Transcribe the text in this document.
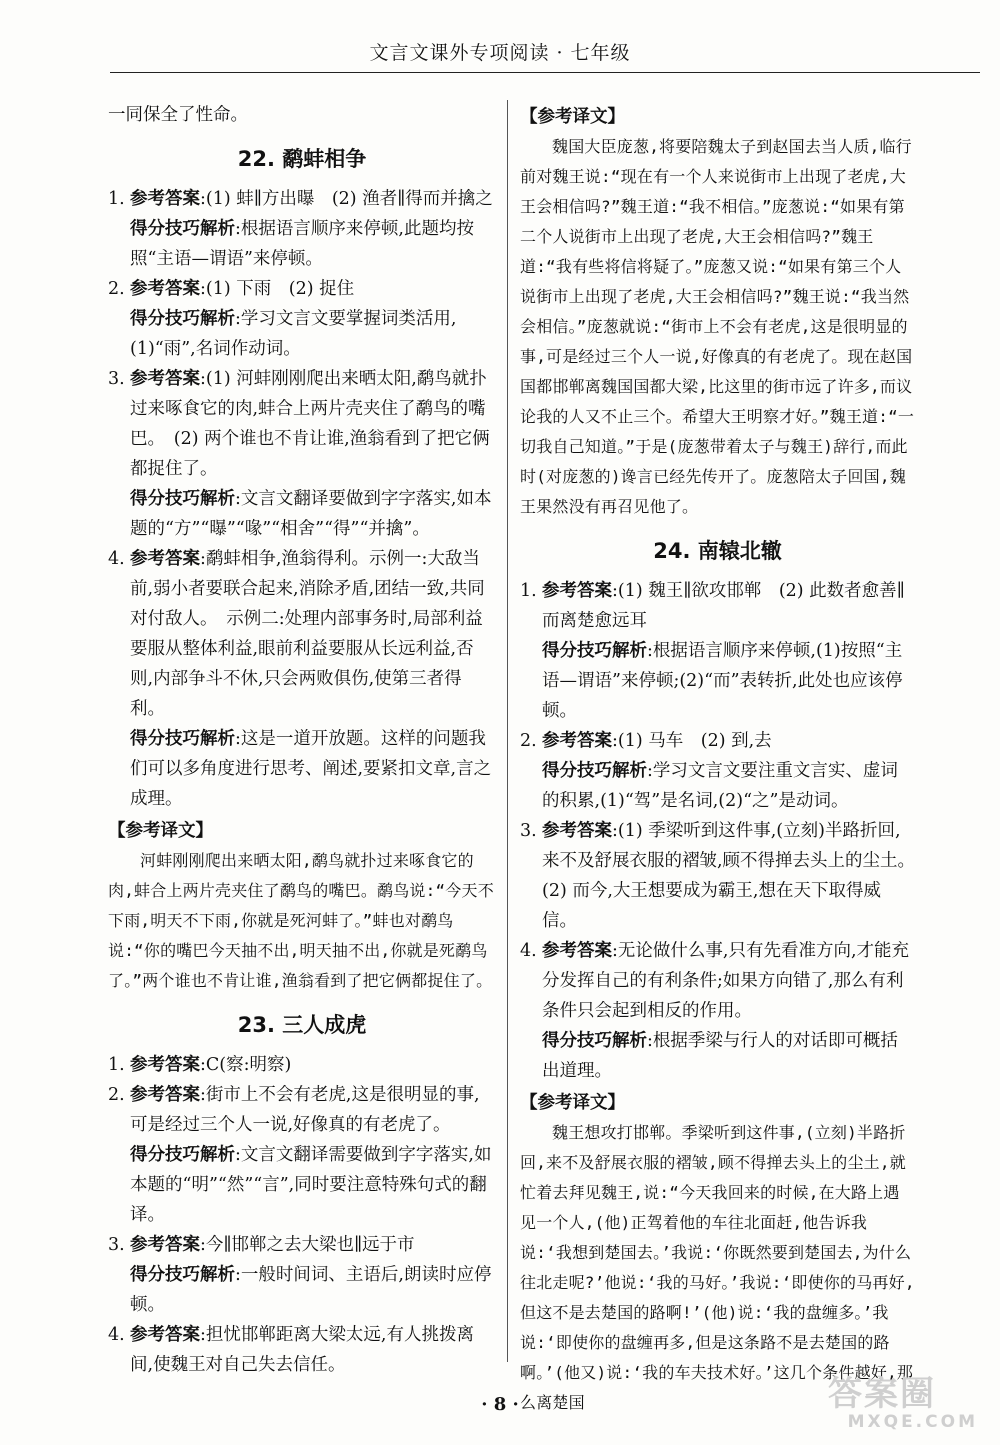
文言文课外专项阅读 · 七年级
一同保全了性命。
22. 鹬蚌相争
1. 参考答案:(1) 蚌∥方出曝　(2) 渔者∥得而并擒之
得分技巧解析:根据语言顺序来停顿,此题均按照“主语—谓语”来停顿。
2. 参考答案:(1) 下雨　(2) 捉住
得分技巧解析:学习文言文要掌握词类活用,(1)“雨”,名词作动词。
3. 参考答案:(1) 河蚌刚刚爬出来晒太阳,鹬鸟就扑过来啄食它的肉,蚌合上两片壳夹住了鹬鸟的嘴巴。　(2) 两个谁也不肯让谁,渔翁看到了把它俩都捉住了。
得分技巧解析:文言文翻译要做到字字落实,如本题的“方”“曝”“喙”“相舍”“得”“并擒”。
4. 参考答案:鹬蚌相争,渔翁得利。示例一:大敌当前,弱小者要联合起来,消除矛盾,团结一致,共同对付敌人。　示例二:处理内部事务时,局部利益要服从整体利益,眼前利益要服从长远利益,否则,内部争斗不休,只会两败俱伤,使第三者得利。
得分技巧解析:这是一道开放题。这样的问题我们可以多角度进行思考、阐述,要紧扣文章,言之成理。
【参考译文】
河蚌刚刚爬出来晒太阳,鹬鸟就扑过来啄食它的肉,蚌合上两片壳夹住了鹬鸟的嘴巴。鹬鸟说:“今天不下雨,明天不下雨,你就是死河蚌了。”蚌也对鹬鸟说:“你的嘴巴今天抽不出,明天抽不出,你就是死鹬鸟了。”两个谁也不肯让谁,渔翁看到了把它俩都捉住了。
23. 三人成虎
1. 参考答案:C(察:明察)
2. 参考答案:街市上不会有老虎,这是很明显的事,可是经过三个人一说,好像真的有老虎了。
得分技巧解析:文言文翻译需要做到字字落实,如本题的“明”“然”“言”,同时要注意特殊句式的翻译。
3. 参考答案:今∥邯郸之去大梁也∥远于市
得分技巧解析:一般时间词、主语后,朗读时应停顿。
4. 参考答案:担忧邯郸距离大梁太远,有人挑拨离间,使魏王对自己失去信任。
【参考译文】
魏国大臣庞葱,将要陪魏太子到赵国去当人质,临行前对魏王说:“现在有一个人来说街市上出现了老虎,大王会相信吗?”魏王道:“我不相信。”庞葱说:“如果有第二个人说街市上出现了老虎,大王会相信吗?”魏王道:“我有些将信将疑了。”庞葱又说:“如果有第三个人说街市上出现了老虎,大王会相信吗?”魏王说:“我当然会相信。”庞葱就说:“街市上不会有老虎,这是很明显的事,可是经过三个人一说,好像真的有老虎了。现在赵国国都邯郸离魏国国都大梁,比这里的街市远了许多,而议论我的人又不止三个。希望大王明察才好。”魏王道:“一切我自己知道。”于是(庞葱带着太子与魏王)辞行,而此时(对庞葱的)谗言已经先传开了。庞葱陪太子回国,魏王果然没有再召见他了。
24. 南辕北辙
1. 参考答案:(1) 魏王∥欲攻邯郸　(2) 此数者愈善∥而离楚愈远耳
得分技巧解析:根据语言顺序来停顿,(1)按照“主语—谓语”来停顿;(2)“而”表转折,此处也应该停顿。
2. 参考答案:(1) 马车　(2) 到,去
得分技巧解析:学习文言文要注重文言实、虚词的积累,(1)“驾”是名词,(2)“之”是动词。
3. 参考答案:(1) 季梁听到这件事,(立刻)半路折回,来不及舒展衣服的褶皱,顾不得掸去头上的尘土。　(2) 而今,大王想要成为霸王,想在天下取得威信。
4. 参考答案:无论做什么事,只有先看准方向,才能充分发挥自己的有利条件;如果方向错了,那么有利条件只会起到相反的作用。
得分技巧解析:根据季梁与行人的对话即可概括出道理。
【参考译文】
魏王想攻打邯郸。季梁听到这件事,(立刻)半路折回,来不及舒展衣服的褶皱,顾不得掸去头上的尘土,就忙着去拜见魏王,说:“今天我回来的时候,在大路上遇见一个人,(他)正驾着他的车往北面赶,他告诉我说:‘我想到楚国去。’我说:‘你既然要到楚国去,为什么往北走呢?’他说:‘我的马好。’我说:‘即使你的马再好,但这不是去楚国的路啊!’(他)说:‘我的盘缠多。’我说:‘即使你的盘缠再多,但是这条路不是去楚国的路啊。’(他又)说:‘我的车夫技术好。’这几个条件越好,那么离楚国
· 8 ·	答案圈
MXQE.COM
